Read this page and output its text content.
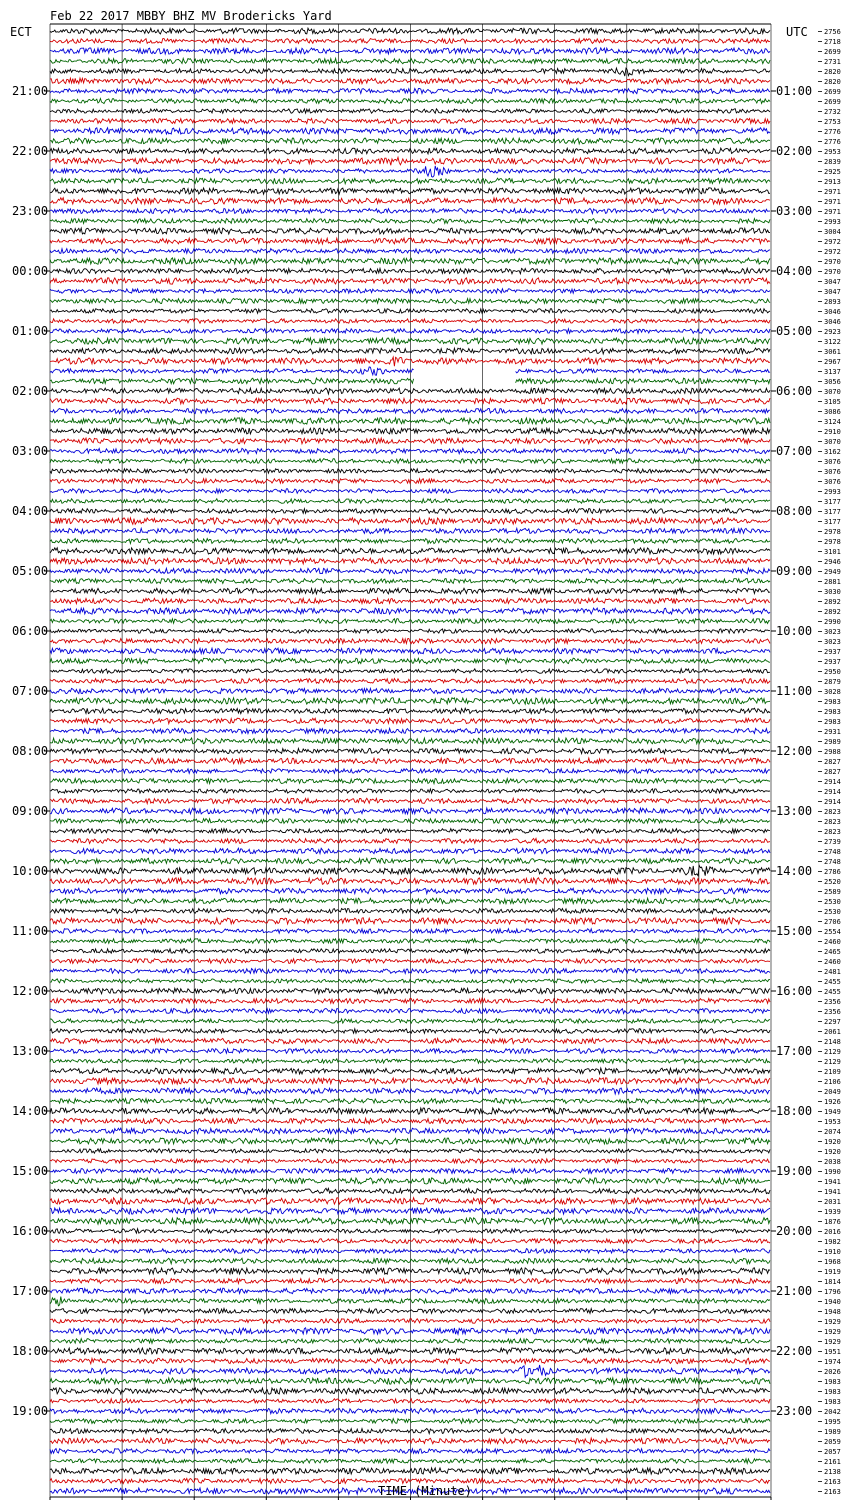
Feb 22 2017 MBBY BHZ MV Brodericks Yard
ECT	UTC 2756
2718
2699
2731
2820
2820
2699
2699
2732
2753
2776
2776
2953
2839
2925
2913
2971
2971
2971
2993
3004
2972
2972
2970
2970
3047
3047
2893
3046
3046
2923
3122
3061
2967
3137
3056
3070
3105
3086
3124
2910
3070
3162
3076
3076
3076
2993
3177
3177
3177
2978
2978
3101
2946
2949
2881
3030
2892
2892
2990
3023
3023
2937
2937
2950
2879
3028
2983
2983
2983
2931
2989
2988
2827
2827
2914
2914
2914
2823
2823
2823
2739
2748
2748
2786
2520
2589
2530
2530
2706
2554
2460
2465
2460
2481
2455
2455
2356
2356
2297
2061
2148
2129
2129
2109
2106
2049
1926
1949
1953
2074
1920
1920
2038
1990
1941
1941
2031
1939
1876
2016
1982
1910
1968
1919
1814
1796
1940
1948
1929
1929
1929
1951
1974
2026
1983
1983
1983
2042
1995
1989
2059
2057
2161
2138
2163
2163
21:00
22:00
23:00
00:00
01:00
02:00
03:00
04:00
05:00
06:00
07:00
08:00
09:00
10:00
11:00
12:00
13:00
14:00
15:00
16:00
17:00
18:00
19:00
01:00
02:00
03:00
04:00
05:00
06:00
07:00
08:00
09:00
10:00
11:00
12:00
13:00
14:00
15:00
16:00
17:00
18:00
19:00
20:00
21:00
22:00
23:00
TIME (Minute)
